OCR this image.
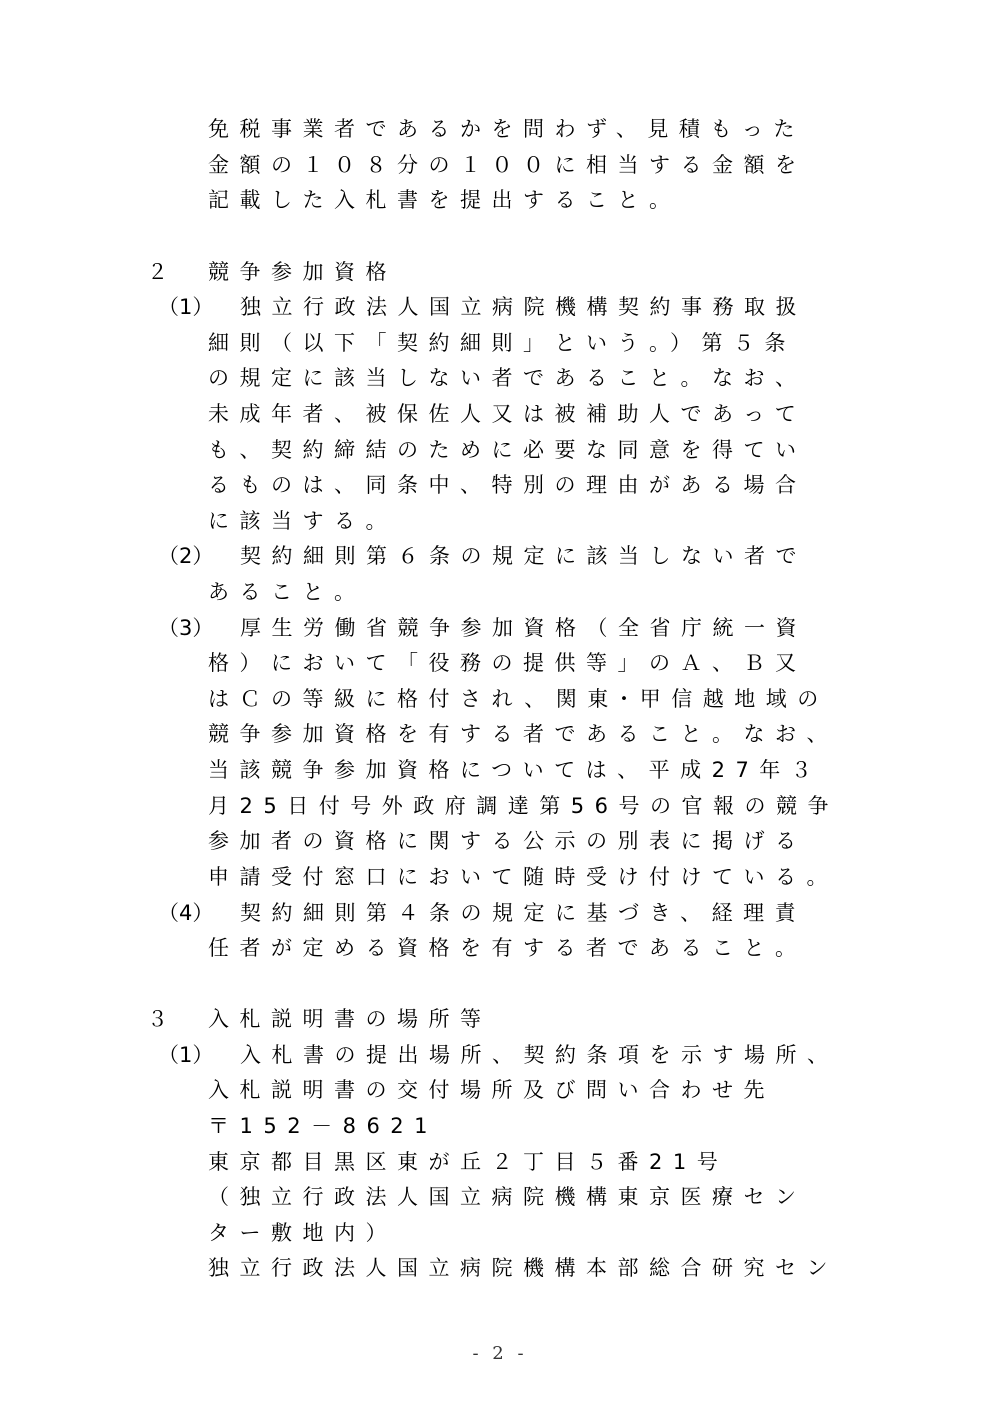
免税事業者であるかを問わず、見積もった
金額の１０８分の１００に相当する金額を
記載した入札書を提出すること。
２ 競争参加資格
（1） 独立行政法人国立病院機構契約事務取扱
細則（以下「契約細則」という。）第５条
の規定に該当しない者であること。なお、
未成年者、被保佐人又は被補助人であって
も、契約締結のために必要な同意を得てい
るものは、同条中、特別の理由がある場合
に該当する。
（2） 契約細則第６条の規定に該当しない者で
あること。
（3） 厚生労働省競争参加資格（全省庁統一資
格）において「役務の提供等」のＡ、Ｂ又
はＣの等級に格付され、関東･甲信越地域の
競争参加資格を有する者であること。なお、
当該競争参加資格については、平成27年３
月25日付号外政府調達第56号の官報の競争
参加者の資格に関する公示の別表に掲げる
申請受付窓口において随時受け付けている。
（4） 契約細則第４条の規定に基づき、経理責
任者が定める資格を有する者であること。
３ 入札説明書の場所等
（1） 入札書の提出場所、契約条項を示す場所、
入札説明書の交付場所及び問い合わせ先
〒152－8621
東京都目黒区東が丘２丁目５番21号
（独立行政法人国立病院機構東京医療セン
ター敷地内）
独立行政法人国立病院機構本部総合研究セン
- 2 -
